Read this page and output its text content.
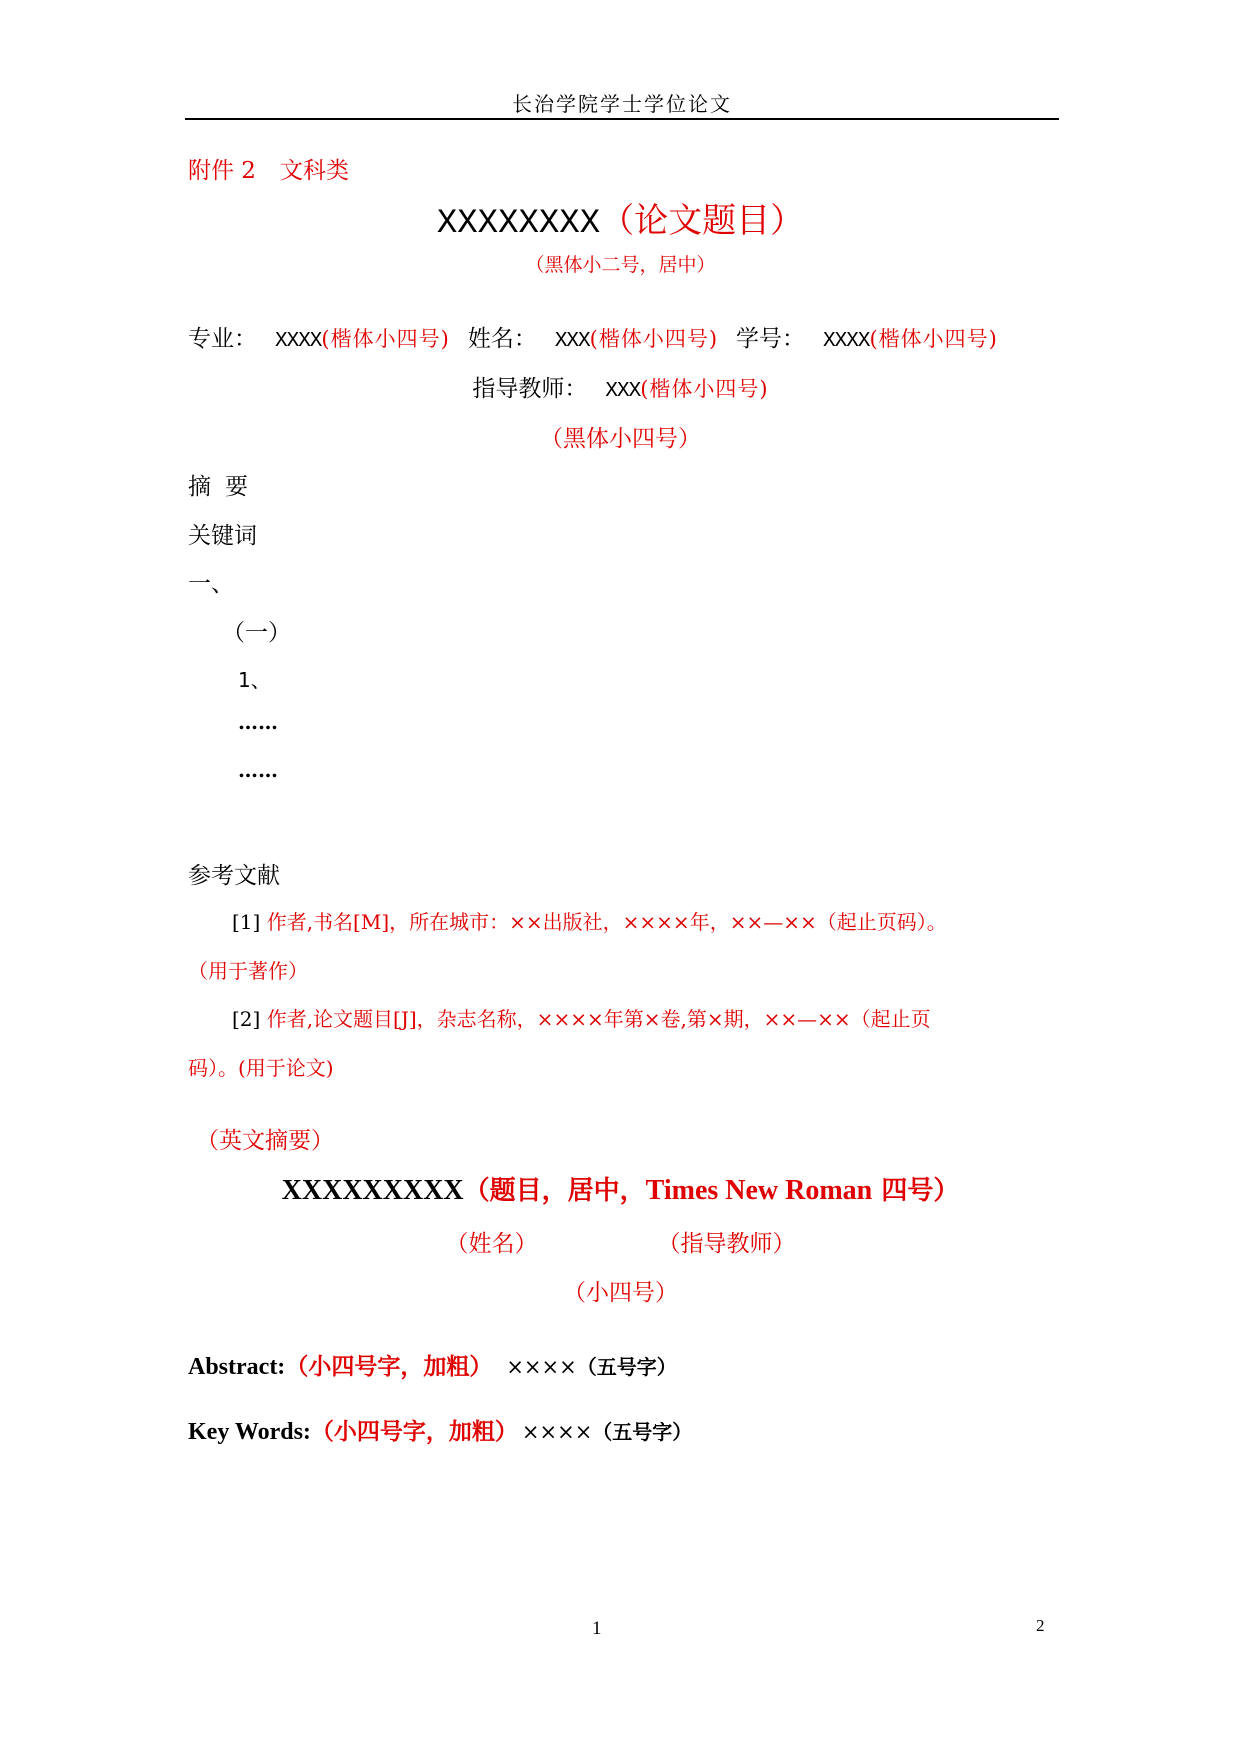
长治学院学士学位论文
附件 2 文科类
XXXXXXXX（论文题目）
（黑体小二号，居中）
专业： XXXX(楷体小四号) 姓名： XXX(楷体小四号) 学号： XXXX(楷体小四号)
指导教师： XXX(楷体小四号)
（黑体小四号）
摘要
关键词
一、
（一）
1、
……
……
参考文献
[1] 作者,书名[M]，所在城市：××出版社，××××年，××—××（起止页码）。
（用于著作）
[2] 作者,论文题目[J]，杂志名称，××××年第×卷,第×期，××—××（起止页
码）。(用于论文)
（英文摘要）
XXXXXXXXX（题目，居中，Times New Roman 四号）
（姓名）	（指导教师）
（小四号）
Abstract:（小四号字，加粗） ××××（五号字）
Key Words:（小四号字，加粗） ××××（五号字）
1	2
